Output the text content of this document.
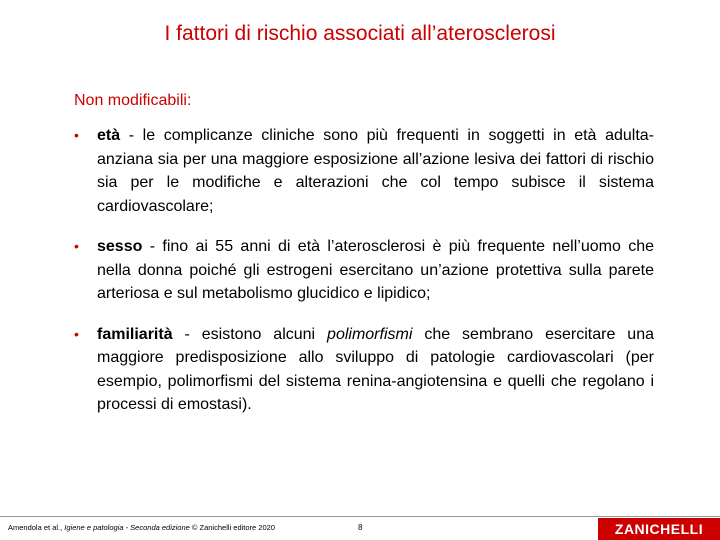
I fattori di rischio associati all’aterosclerosi
Non modificabili:
• età - le complicanze cliniche sono più frequenti in soggetti in età adulta-anziana sia per una maggiore esposizione all’azione lesiva dei fattori di rischio sia per le modifiche e alterazioni che col tempo subisce il sistema cardiovascolare;
• sesso - fino ai 55 anni di età l’aterosclerosi è più frequente nell’uomo che nella donna poiché gli estrogeni esercitano un’azione protettiva sulla parete arteriosa e sul metabolismo glucidico e lipidico;
• familiarità - esistono alcuni polimorfismi che sembrano esercitare una maggiore predisposizione allo sviluppo di patologie cardiovascolari (per esempio, polimorfismi del sistema renina-angiotensina e quelli che regolano i processi di emostasi).
Amendola et al., Igiene e patologia - Seconda edizione © Zanichelli editore 2020	8	ZANICHELLI
